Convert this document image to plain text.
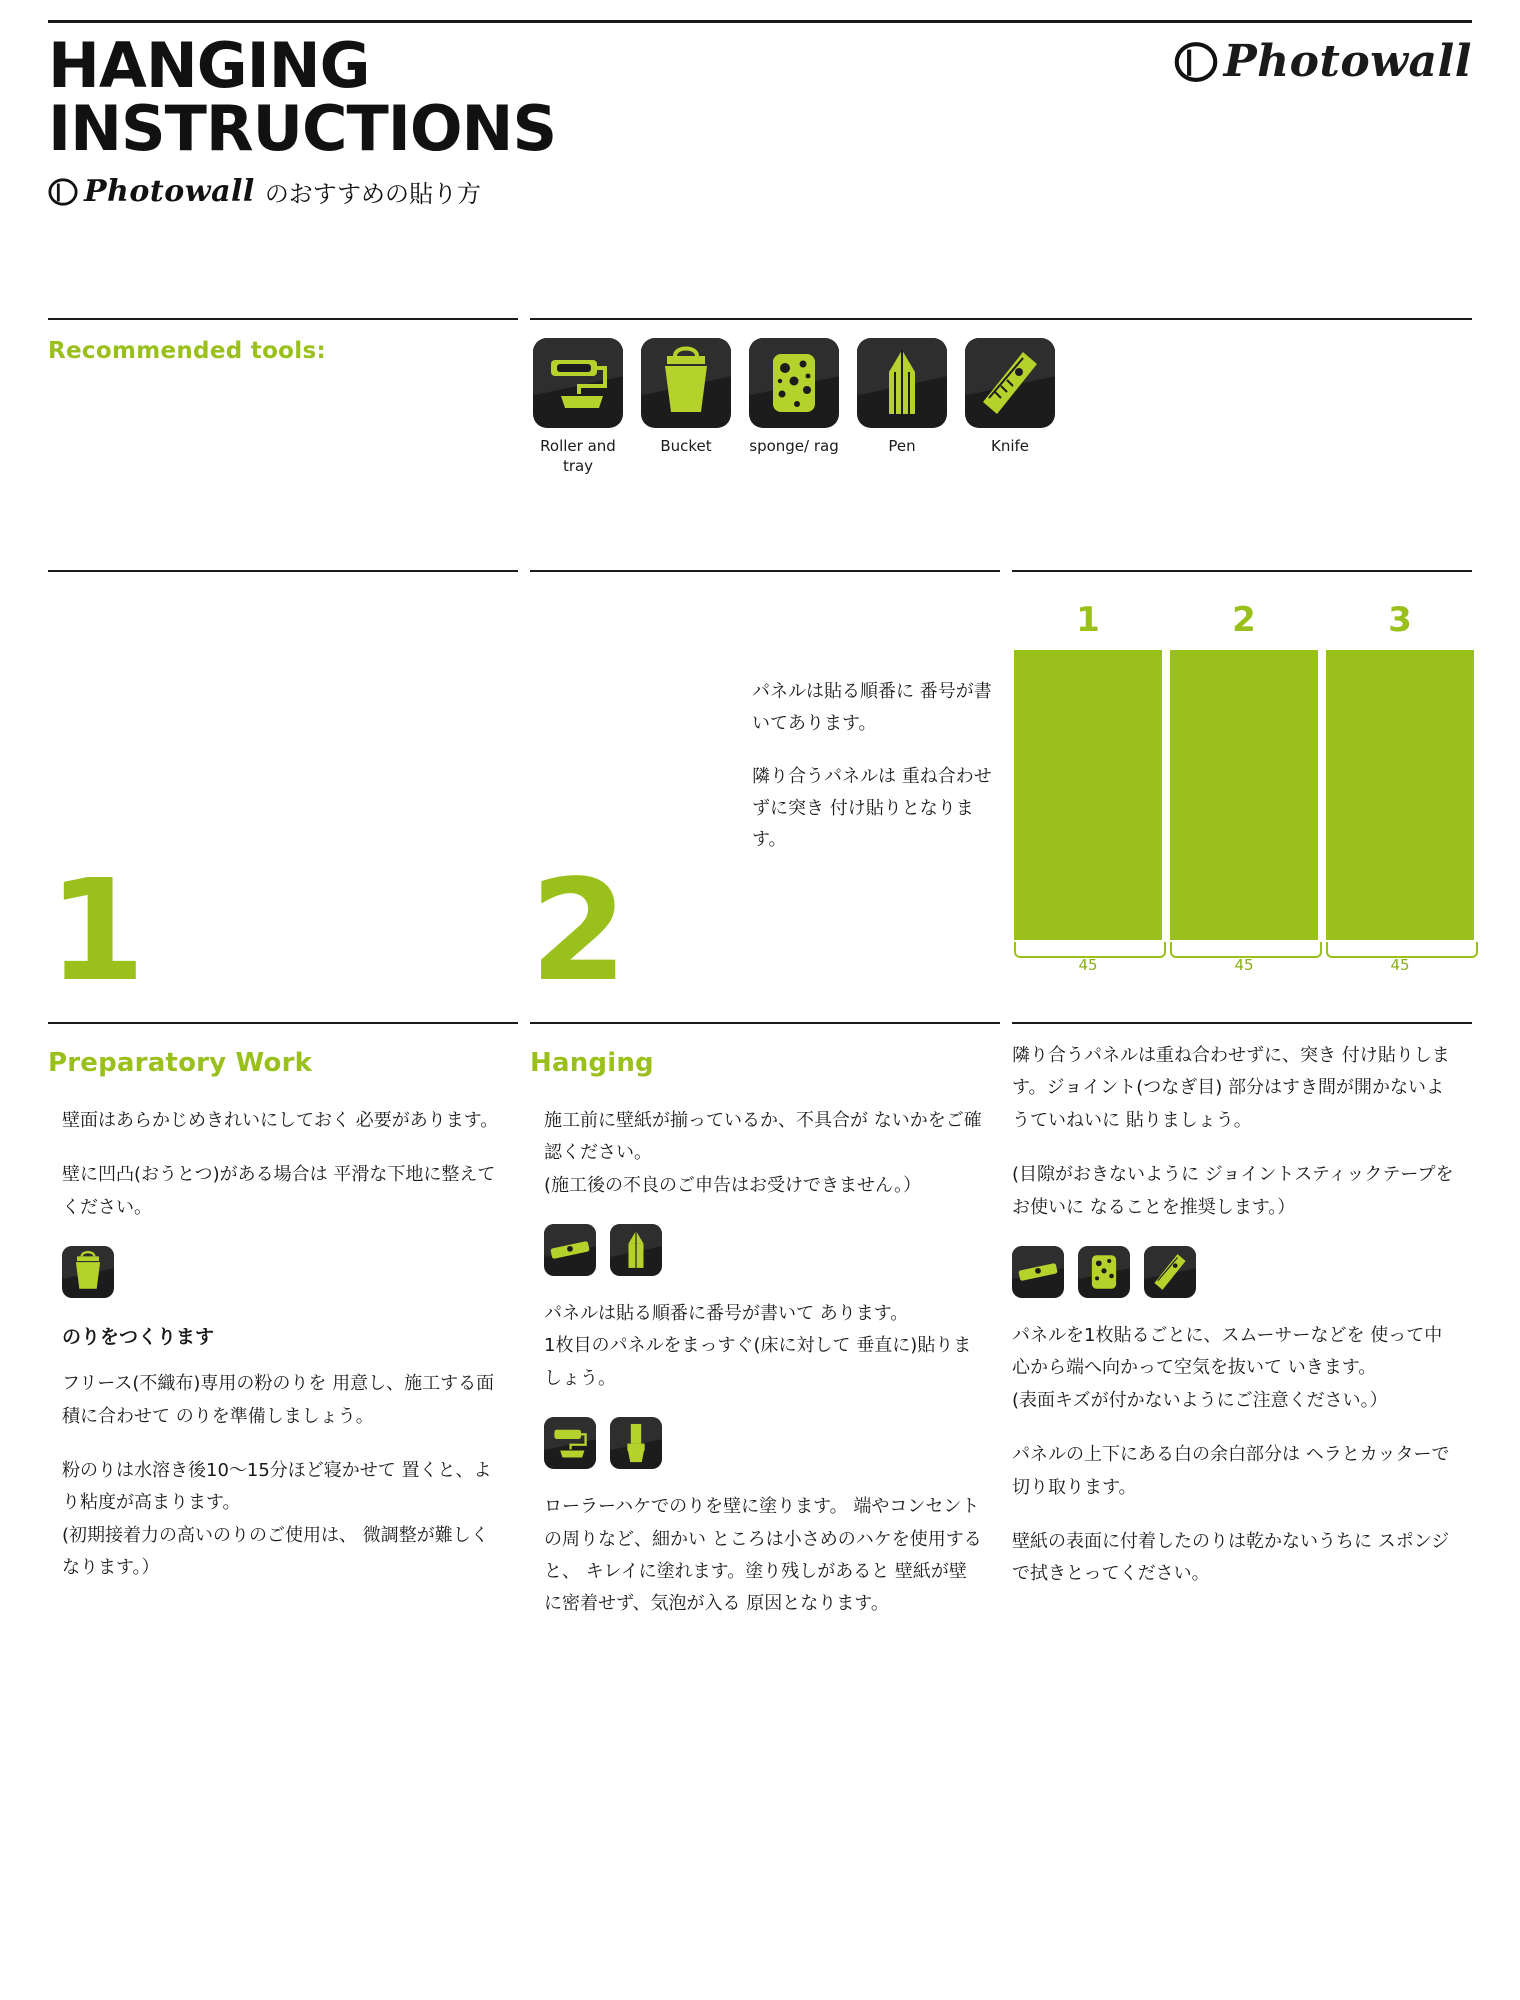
HANGING
INSTRUCTIONS
Photowall のおすすめの貼り方
Photowall
Recommended tools:
Roller and tray
Bucket	sponge/ rag	Pen	Knife
1	2

パネルは貼る順番に 番号が書いてあります。

隣り合うパネルは 重ね合わせずに突き 付け貼りとなります。

1	2	3
45	45	45
Preparatory Work

壁面はあらかじめきれいにしておく 必要があります。

壁に凹凸(おうとつ)がある場合は 平滑な下地に整えてください。

のりをつくります

フリース(不織布)専用の粉のりを 用意し、施工する面積に合わせて のりを準備しましょう。

粉のりは水溶き後10〜15分ほど寝かせて 置くと、より粘度が高まります。

(初期接着力の高いのりのご使用は、 微調整が難しくなります。）

Hanging

施工前に壁紙が揃っているか、不具合が ないかをご確認ください。

(施工後の不良のご申告はお受けできません。）

パネルは貼る順番に番号が書いて あります。

1枚目のパネルをまっすぐ(床に対して 垂直に)貼りましょう。

ローラーハケでのりを壁に塗ります。 端やコンセントの周りなど、細かい ところは小さめのハケを使用すると、 キレイに塗れます。塗り残しがあると 壁紙が壁に密着せず、気泡が入る 原因となります。

隣り合うパネルは重ね合わせずに、突き 付け貼りします。ジョイント(つなぎ目) 部分はすき間が開かないようていねいに 貼りましょう。

(目隙がおきないように ジョイントスティックテープをお使いに なることを推奨します。）

パネルを1枚貼るごとに、スムーサーなどを 使って中心から端へ向かって空気を抜いて いきます。

(表面キズが付かないようにご注意ください。）

パネルの上下にある白の余白部分は ヘラとカッターで切り取ります。

壁紙の表面に付着したのりは乾かないうちに スポンジで拭きとってください。
